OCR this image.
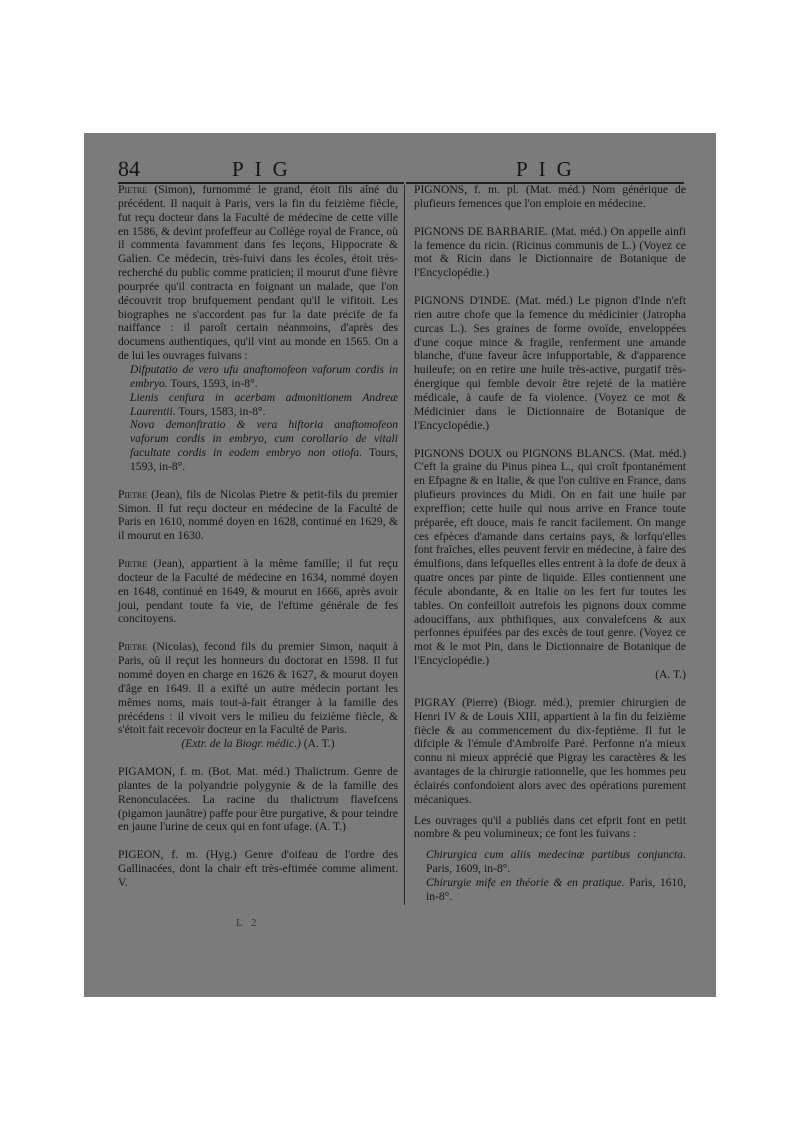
84	PIG	PIG

Pietre (Simon), furnommé le grand, étoit fils aîné du précédent. Il naquit à Paris, vers la fin du feizième fiècle, fut reçu docteur dans la Faculté de médecine de cette ville en 1586, & devint profeffeur au Collége royal de France, où il commenta favamment dans fes leçons, Hippocrate & Galien. Ce médecin, très-fuivi dans les écoles, étoit très-recherché du public comme praticien; il mourut d'une fièvre pourprée qu'il contracta en foignant un malade, que l'on découvrit trop brufquement pendant qu'il le vifitoit. Les biographes ne s'accordent pas fur la date précife de fa naiffance : il paroît certain néanmoins, d'après des documens authentiques, qu'il vint au monde en 1565. On a de lui les ouvrages fuivans :

Difputatio de vero ufu anaftomofeon vaforum cordis in embryo. Tours, 1593, in-8°.

Lienis cenfura in acerbam admonitionem Andreæ Laurentii. Tours, 1583, in-8°.

Nova demonftratio & vera hiftoria anaftomofeon vaforum cordis in embryo, cum corollario de vitali facultate cordis in eodem embryo non otiofa. Tours, 1593, in-8°.

Pietre (Jean), fils de Nicolas Pietre & petit-fils du premier Simon. Il fut reçu docteur en médecine de la Faculté de Paris en 1610, nommé doyen en 1628, continué en 1629, & il mourut en 1630.

Pietre (Jean), appartient à la même famille; il fut reçu docteur de la Faculté de médecine en 1634, nommé doyen en 1648, continué en 1649, & mourut en 1666, après avoir joui, pendant toute fa vie, de l'eftime générale de fes concitoyens.

Pietre (Nicolas), fecond fils du premier Simon, naquit à Paris, où il reçut les honneurs du doctorat en 1598. Il fut nommé doyen en charge en 1626 & 1627, & mourut doyen d'âge en 1649. Il a exifté un autre médecin portant les mêmes noms, mais tout-à-fait étranger à la famille des précédens : il vivoit vers le milieu du feizième fiècle, & s'étoit fait recevoir docteur en la Faculté de Paris.

(Extr. de la Biogr. médic.) (A. T.)

PIGAMON, f. m. (Bot. Mat. méd.) Thalictrum. Genre de plantes de la polyandrie polygynie & de la famille des Renonculacées. La racine du thalictrum flavefcens (pigamon jaunâtre) paffe pour être purgative, & pour teindre en jaune l'urine de ceux qui en font ufage. (A. T.)

PIGEON, f. m. (Hyg.) Genre d'oifeau de l'ordre des Gallinacées, dont la chair eft très-eftimée comme aliment. V.

L 2

PIGNONS, f. m. pl. (Mat. méd.) Nom générique de plufieurs femences que l'on emploie en médecine.

PIGNONS DE BARBARIE. (Mat. méd.) On appelle ainfi la femence du ricin. (Ricinus communis de L.) (Voyez ce mot & Ricin dans le Dictionnaire de Botanique de l'Encyclopédie.)

PIGNONS D'INDE. (Mat. méd.) Le pignon d'Inde n'eft rien autre chofe que la femence du médicinier (Jatropha curcas L.). Ses graines de forme ovoïde, enveloppées d'une coque mince & fragile, renferment une amande blanche, d'une faveur âcre infupportable, & d'apparence huileufe; on en retire une huile très-active, purgatif très-énergique qui femble devoir être rejeté de la matière médicale, à caufe de fa violence. (Voyez ce mot & Médicinier dans le Dictionnaire de Botanique de l'Encyclopédie.)

PIGNONS DOUX ou PIGNONS BLANCS. (Mat. méd.) C'eft la graine du Pinus pinea L., qui croît fpontanément en Efpagne & en Italie, & que l'on cultive en France, dans plufieurs provinces du Midi. On en fait une huile par expreffion; cette huile qui nous arrive en France toute préparée, eft douce, mais fe rancit facilement. On mange ces efpèces d'amande dans certains pays, & lorfqu'elles font fraîches, elles peuvent fervir en médecine, à faire des émulfions, dans lefquelles elles entrent à la dofe de deux à quatre onces par pinte de liquide. Elles contiennent une fécule abondante, & en Italie on les fert fur toutes les tables. On confeilloit autrefois les pignons doux comme adouciffans, aux phthifiques, aux convalefcens & aux perfonnes épuifées par des excès de tout genre. (Voyez ce mot & le mot Pin, dans le Dictionnaire de Botanique de l'Encyclopédie.)

(A. T.)

PIGRAY (Pierre) (Biogr. méd.), premier chirurgien de Henri IV & de Louis XIII, appartient à la fin du feizième fiècle & au commencement du dix-feptième. Il fut le difciple & l'émule d'Ambroife Paré. Perfonne n'a mieux connu ni mieux apprécié que Pigray les caractères & les avantages de la chirurgie rationnelle, que les hommes peu éclairés confondoient alors avec des opérations purement mécaniques.

Les ouvrages qu'il a publiés dans cet efprit font en petit nombre & peu volumineux; ce font les fuivans :

Chirurgica cum aliis medecinæ partibus conjuncta. Paris, 1609, in-8°.

Chirurgie mife en théorie & en pratique. Paris, 1610, in-8°.
